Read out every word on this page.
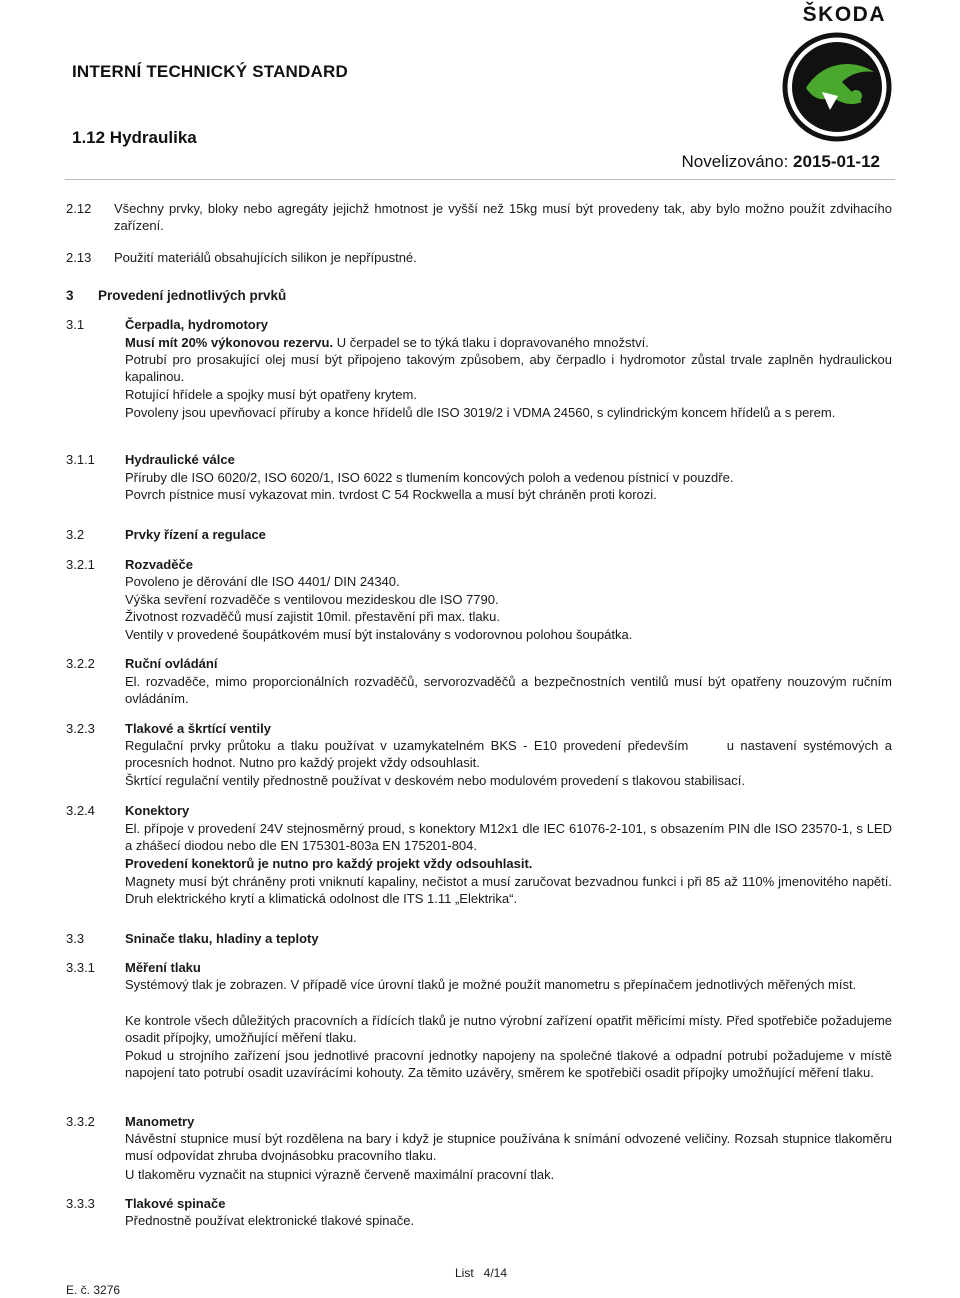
ŠKODA
INTERNÍ TECHNICKÝ STANDARD
1.12 Hydraulika
Novelizováno: 2015-01-12
2.12 Všechny prvky, bloky nebo agregáty jejichž hmotnost je vyšší než 15kg musí být provedeny tak, aby bylo možno použít zdvihacího zařízení.
2.13 Použití materiálů obsahujících silikon je nepřípustné.
3 Provedení jednotlivých prvků
3.1	Čerpadla, hydromotory
Musí mít 20% výkonovou rezervu. U čerpadel se to týká tlaku i dopravovaného množství.
Potrubí pro prosakující olej musí být připojeno takovým způsobem, aby čerpadlo i hydromotor zůstal trvale zaplněn hydraulickou kapalinou.
Rotující hřídele a spojky musí být opatřeny krytem.
Povoleny jsou upevňovací příruby a konce hřídelů dle ISO 3019/2 i VDMA 24560, s cylindrickým koncem hřídelů a s perem.
3.1.1 Hydraulické válce
Příruby dle ISO 6020/2, ISO 6020/1, ISO 6022 s tlumením koncových poloh a vedenou pístnicí v pouzdře.
Povrch pístnice musí vykazovat min. tvrdost C 54 Rockwella a musí být chráněn proti korozi.
3.2	Prvky řízení a regulace
3.2.1 Rozvaděče
Povoleno je děrování dle ISO 4401/ DIN 24340.
Výška sevření rozvaděče s ventilovou mezideskou dle ISO 7790.
Životnost rozvaděčů musí zajistit 10mil. přestavění při max. tlaku.
Ventily v provedené šoupátkovém musí být instalovány s vodorovnou polohou šoupátka.
3.2.2 Ruční ovládání
El. rozvaděče, mimo proporcionálních rozvaděčů, servorozvaděčů a bezpečnostních ventilů musí být opatřeny nouzovým ručním ovládáním.
3.2.3 Tlakové a škrtící ventily
Regulační prvky průtoku a tlaku používat v uzamykatelném BKS - E10 provedení především      u nastavení systémových a procesních hodnot. Nutno pro každý projekt vždy odsouhlasit.
Škrtící regulační ventily přednostně používat v deskovém nebo modulovém provedení s tlakovou stabilisací.
3.2.4 Konektory
El. přípoje v provedení 24V stejnosměrný proud, s konektory M12x1 dle IEC 61076-2-101, s obsazením PIN dle ISO 23570-1, s LED a zhášecí diodou nebo dle EN 175301-803a EN 175201-804.
Provedení konektorů je nutno pro každý projekt vždy odsouhlasit.
Magnety musí být chráněny proti vniknutí kapaliny, nečistot a musí zaručovat bezvadnou funkci i při 85 až 110% jmenovitého napětí. Druh elektrického krytí a klimatická odolnost dle ITS 1.11 „Elektrika“.
3.3	Sninače tlaku, hladiny a teploty
3.3.1 Měření tlaku
Systémový tlak je zobrazen. V případě více úrovní tlaků je možné použít manometru s přepínačem jednotlivých měřených míst.
Ke kontrole všech důležitých pracovních a řídících tlaků je nutno výrobní zařízení opatřit měřicími místy. Před spotřebiče požadujeme osadit přípojky, umožňující měření tlaku.
Pokud u strojního zařízení jsou jednotlivé pracovní jednotky napojeny na společné tlakové a odpadní potrubí požadujeme v místě napojení tato potrubí osadit uzavírácími kohouty. Za těmito uzávěry, směrem ke spotřebiči osadit přípojky umožňující měření tlaku.
3.3.2 Manometry
Návěstní stupnice musí být rozdělena na bary i když je stupnice používána k snímání odvozené veličiny. Rozsah stupnice tlakoměru musí odpovídat zhruba dvojnásobku pracovního tlaku.
U tlakoměru vyznačit na stupnici výrazně červeně maximální pracovní tlak.
3.3.3 Tlakové spinače
Přednostně používat elektronické tlakové spinače.
List   4/14
E. č. 3276
